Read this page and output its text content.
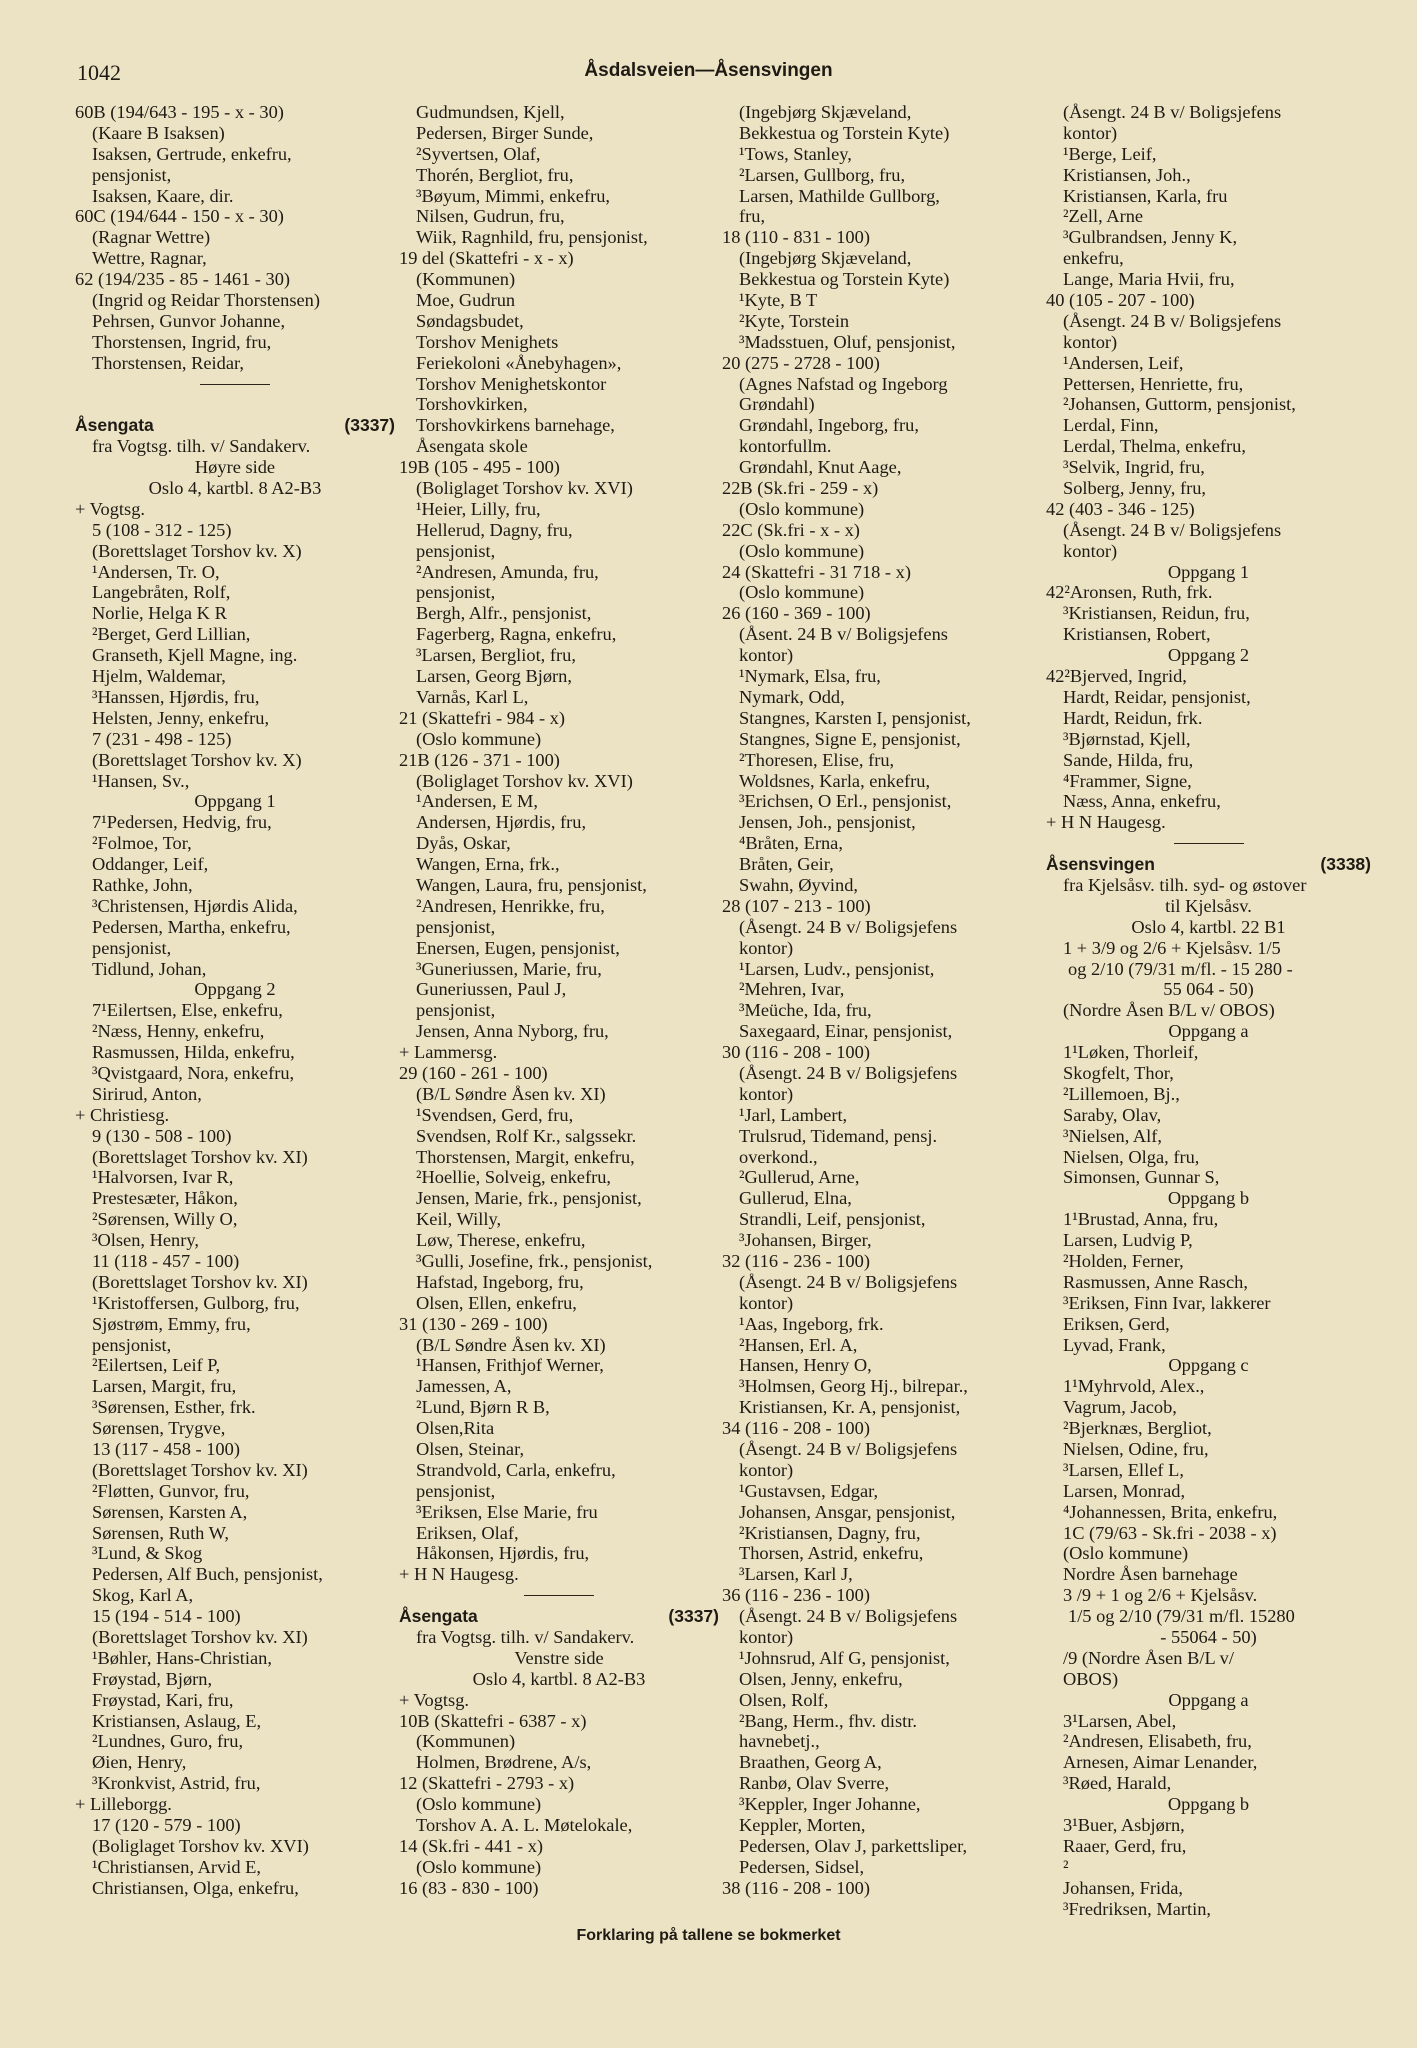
1042	Åsdalsveien—Åsensvingen
60B (194/643 - 195 - x - 30)
(Kaare B Isaksen)
Isaksen, Gertrude, enkefru,
pensjonist,
Isaksen, Kaare, dir.
60C (194/644 - 150 - x - 30)
(Ragnar Wettre)
Wettre, Ragnar,
62 (194/235 - 85 - 1461 - 30)
(Ingrid og Reidar Thorstensen)
Pehrsen, Gunvor Johanne,
Thorstensen, Ingrid, fru,
Thorstensen, Reidar,
(3337)
Åsengata
fra Vogtsg. tilh. v/ Sandakerv.
Høyre side
Oslo 4, kartbl. 8 A2-B3
+ Vogtsg.
5 (108 - 312 - 125)
(Borettslaget Torshov kv. X)
¹Andersen, Tr. O,
Langebråten, Rolf,
Norlie, Helga K R
²Berget, Gerd Lillian,
Granseth, Kjell Magne, ing.
Hjelm, Waldemar,
³Hanssen, Hjørdis, fru,
Helsten, Jenny, enkefru,
7 (231 - 498 - 125)
(Borettslaget Torshov kv. X)
¹Hansen, Sv.,
Oppgang 1
7¹Pedersen, Hedvig, fru,
²Folmoe, Tor,
Oddanger, Leif,
Rathke, John,
³Christensen, Hjørdis Alida,
Pedersen, Martha, enkefru,
pensjonist,
Tidlund, Johan,
Oppgang 2
7¹Eilertsen, Else, enkefru,
²Næss, Henny, enkefru,
Rasmussen, Hilda, enkefru,
³Qvistgaard, Nora, enkefru,
Sirirud, Anton,
+ Christiesg.
9 (130 - 508 - 100)
(Borettslaget Torshov kv. XI)
¹Halvorsen, Ivar R,
Prestesæter, Håkon,
²Sørensen, Willy O,
³Olsen, Henry,
11 (118 - 457 - 100)
(Borettslaget Torshov kv. XI)
¹Kristoffersen, Gulborg, fru,
Sjøstrøm, Emmy, fru,
pensjonist,
²Eilertsen, Leif P,
Larsen, Margit, fru,
³Sørensen, Esther, frk.
Sørensen, Trygve,
13 (117 - 458 - 100)
(Borettslaget Torshov kv. XI)
²Fløtten, Gunvor, fru,
Sørensen, Karsten A,
Sørensen, Ruth W,
³Lund, & Skog
Pedersen, Alf Buch, pensjonist,
Skog, Karl A,
15 (194 - 514 - 100)
(Borettslaget Torshov kv. XI)
¹Bøhler, Hans-Christian,
Frøystad, Bjørn,
Frøystad, Kari, fru,
Kristiansen, Aslaug, E,
²Lundnes, Guro, fru,
Øien, Henry,
³Kronkvist, Astrid, fru,
+ Lilleborgg.
17 (120 - 579 - 100)
(Boliglaget Torshov kv. XVI)
¹Christiansen, Arvid E,
Christiansen, Olga, enkefru,
Gudmundsen, Kjell,
Pedersen, Birger Sunde,
²Syvertsen, Olaf,
Thorén, Bergliot, fru,
³Bøyum, Mimmi, enkefru,
Nilsen, Gudrun, fru,
Wiik, Ragnhild, fru, pensjonist,
19 del (Skattefri - x - x)
(Kommunen)
Moe, Gudrun
Søndagsbudet,
Torshov Menighets
Feriekoloni «Ånebyhagen»,
Torshov Menighetskontor
Torshovkirken,
Torshovkirkens barnehage,
Åsengata skole
19B (105 - 495 - 100)
(Boliglaget Torshov kv. XVI)
¹Heier, Lilly, fru,
Hellerud, Dagny, fru,
pensjonist,
²Andresen, Amunda, fru,
pensjonist,
Bergh, Alfr., pensjonist,
Fagerberg, Ragna, enkefru,
³Larsen, Bergliot, fru,
Larsen, Georg Bjørn,
Varnås, Karl L,
21 (Skattefri - 984 - x)
(Oslo kommune)
21B (126 - 371 - 100)
(Boliglaget Torshov kv. XVI)
¹Andersen, E M,
Andersen, Hjørdis, fru,
Dyås, Oskar,
Wangen, Erna, frk.,
Wangen, Laura, fru, pensjonist,
²Andresen, Henrikke, fru,
pensjonist,
Enersen, Eugen, pensjonist,
³Guneriussen, Marie, fru,
Guneriussen, Paul J,
pensjonist,
Jensen, Anna Nyborg, fru,
+ Lammersg.
29 (160 - 261 - 100)
(B/L Søndre Åsen kv. XI)
¹Svendsen, Gerd, fru,
Svendsen, Rolf Kr., salgssekr.
Thorstensen, Margit, enkefru,
²Hoellie, Solveig, enkefru,
Jensen, Marie, frk., pensjonist,
Keil, Willy,
Løw, Therese, enkefru,
³Gulli, Josefine, frk., pensjonist,
Hafstad, Ingeborg, fru,
Olsen, Ellen, enkefru,
31 (130 - 269 - 100)
(B/L Søndre Åsen kv. XI)
¹Hansen, Frithjof Werner,
Jamessen, A,
²Lund, Bjørn R B,
Olsen,Rita
Olsen, Steinar,
Strandvold, Carla, enkefru,
pensjonist,
³Eriksen, Else Marie, fru
Eriksen, Olaf,
Håkonsen, Hjørdis, fru,
+ H N Haugesg.
(3337)
Åsengata
fra Vogtsg. tilh. v/ Sandakerv.
Venstre side
Oslo 4, kartbl. 8 A2-B3
+ Vogtsg.
10B (Skattefri - 6387 - x)
(Kommunen)
Holmen, Brødrene, A/s,
12 (Skattefri - 2793 - x)
(Oslo kommune)
Torshov A. A. L. Møtelokale,
14 (Sk.fri - 441 - x)
(Oslo kommune)
16 (83 - 830 - 100)
(Ingebjørg Skjæveland,
Bekkestua og Torstein Kyte)
¹Tows, Stanley,
²Larsen, Gullborg, fru,
Larsen, Mathilde Gullborg,
fru,
18 (110 - 831 - 100)
(Ingebjørg Skjæveland,
Bekkestua og Torstein Kyte)
¹Kyte, B T
²Kyte, Torstein
³Madsstuen, Oluf, pensjonist,
20 (275 - 2728 - 100)
(Agnes Nafstad og Ingeborg
Grøndahl)
Grøndahl, Ingeborg, fru,
kontorfullm.
Grøndahl, Knut Aage,
22B (Sk.fri - 259 - x)
(Oslo kommune)
22C (Sk.fri - x - x)
(Oslo kommune)
24 (Skattefri - 31 718 - x)
(Oslo kommune)
26 (160 - 369 - 100)
(Åsent. 24 B v/ Boligsjefens
kontor)
¹Nymark, Elsa, fru,
Nymark, Odd,
Stangnes, Karsten I, pensjonist,
Stangnes, Signe E, pensjonist,
²Thoresen, Elise, fru,
Woldsnes, Karla, enkefru,
³Erichsen, O Erl., pensjonist,
Jensen, Joh., pensjonist,
⁴Bråten, Erna,
Bråten, Geir,
Swahn, Øyvind,
28 (107 - 213 - 100)
(Åsengt. 24 B v/ Boligsjefens
kontor)
¹Larsen, Ludv., pensjonist,
²Mehren, Ivar,
³Meüche, Ida, fru,
Saxegaard, Einar, pensjonist,
30 (116 - 208 - 100)
(Åsengt. 24 B v/ Boligsjefens
kontor)
¹Jarl, Lambert,
Trulsrud, Tidemand, pensj.
overkond.,
²Gullerud, Arne,
Gullerud, Elna,
Strandli, Leif, pensjonist,
³Johansen, Birger,
32 (116 - 236 - 100)
(Åsengt. 24 B v/ Boligsjefens
kontor)
¹Aas, Ingeborg, frk.
²Hansen, Erl. A,
Hansen, Henry O,
³Holmsen, Georg Hj., bilrepar.,
Kristiansen, Kr. A, pensjonist,
34 (116 - 208 - 100)
(Åsengt. 24 B v/ Boligsjefens
kontor)
¹Gustavsen, Edgar,
Johansen, Ansgar, pensjonist,
²Kristiansen, Dagny, fru,
Thorsen, Astrid, enkefru,
³Larsen, Karl J,
36 (116 - 236 - 100)
(Åsengt. 24 B v/ Boligsjefens
kontor)
¹Johnsrud, Alf G, pensjonist,
Olsen, Jenny, enkefru,
Olsen, Rolf,
²Bang, Herm., fhv. distr.
havnebetj.,
Braathen, Georg A,
Ranbø, Olav Sverre,
³Keppler, Inger Johanne,
Keppler, Morten,
Pedersen, Olav J, parkettsliper,
Pedersen, Sidsel,
38 (116 - 208 - 100)
(Åsengt. 24 B v/ Boligsjefens
kontor)
¹Berge, Leif,
Kristiansen, Joh.,
Kristiansen, Karla, fru
²Zell, Arne
³Gulbrandsen, Jenny K,
enkefru,
Lange, Maria Hvii, fru,
40 (105 - 207 - 100)
(Åsengt. 24 B v/ Boligsjefens
kontor)
¹Andersen, Leif,
Pettersen, Henriette, fru,
²Johansen, Guttorm, pensjonist,
Lerdal, Finn,
Lerdal, Thelma, enkefru,
³Selvik, Ingrid, fru,
Solberg, Jenny, fru,
42 (403 - 346 - 125)
(Åsengt. 24 B v/ Boligsjefens
kontor)
Oppgang 1
42²Aronsen, Ruth, frk.
³Kristiansen, Reidun, fru,
Kristiansen, Robert,
Oppgang 2
42²Bjerved, Ingrid,
Hardt, Reidar, pensjonist,
Hardt, Reidun, frk.
³Bjørnstad, Kjell,
Sande, Hilda, fru,
⁴Frammer, Signe,
Næss, Anna, enkefru,
+ H N Haugesg.
(3338)
Åsensvingen
fra Kjelsåsv. tilh. syd- og østover
til Kjelsåsv.
Oslo 4, kartbl. 22 B1
1 + 3/9 og 2/6 + Kjelsåsv. 1/5
og 2/10 (79/31 m/fl. - 15 280 -
55 064 - 50)
(Nordre Åsen B/L v/ OBOS)
Oppgang a
1¹Løken, Thorleif,
Skogfelt, Thor,
²Lillemoen, Bj.,
Saraby, Olav,
³Nielsen, Alf,
Nielsen, Olga, fru,
Simonsen, Gunnar S,
Oppgang b
1¹Brustad, Anna, fru,
Larsen, Ludvig P,
²Holden, Ferner,
Rasmussen, Anne Rasch,
³Eriksen, Finn Ivar, lakkerer
Eriksen, Gerd,
Lyvad, Frank,
Oppgang c
1¹Myhrvold, Alex.,
Vagrum, Jacob,
²Bjerknæs, Bergliot,
Nielsen, Odine, fru,
³Larsen, Ellef L,
Larsen, Monrad,
⁴Johannessen, Brita, enkefru,
1C (79/63 - Sk.fri - 2038 - x)
(Oslo kommune)
Nordre Åsen barnehage
3 /9 + 1 og 2/6 + Kjelsåsv.
1/5 og 2/10 (79/31 m/fl. 15280
- 55064 - 50)
/9 (Nordre Åsen B/L v/
OBOS)
Oppgang a
3¹Larsen, Abel,
²Andresen, Elisabeth, fru,
Arnesen, Aimar Lenander,
³Røed, Harald,
Oppgang b
3¹Buer, Asbjørn,
Raaer, Gerd, fru,
²
Johansen, Frida,
³Fredriksen, Martin,
Forklaring på tallene se bokmerket
